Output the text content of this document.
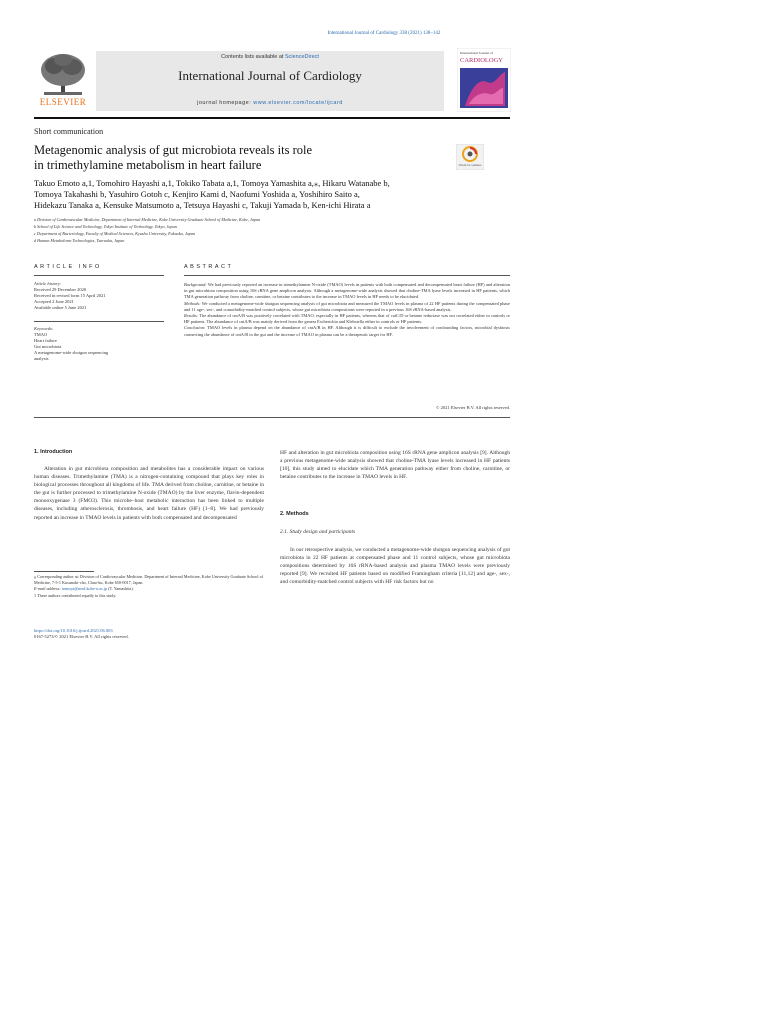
International Journal of Cardiology 338 (2021) 138–142
ELSEVIER
Contents lists available at ScienceDirect
International Journal of Cardiology
journal homepage: www.elsevier.com/locate/ijcard
International Journal of
CARDIOLOGY
Short communication
Metagenomic analysis of gut microbiota reveals its role
in trimethylamine metabolism in heart failure	Check for updates
Takuo Emoto a,1, Tomohiro Hayashi a,1, Tokiko Tabata a,1, Tomoya Yamashita a,⁎, Hikaru Watanabe b,
Tomoya Takahashi b, Yasuhiro Gotoh c, Kenjiro Kami d, Naofumi Yoshida a, Yoshihiro Saito a,
Hidekazu Tanaka a, Kensuke Matsumoto a, Tetsuya Hayashi c, Takuji Yamada b, Ken-ichi Hirata a
a Division of Cardiovascular Medicine, Department of Internal Medicine, Kobe University Graduate School of Medicine, Kobe, Japan
b School of Life Science and Technology, Tokyo Institute of Technology, Tokyo, Japan
c Department of Bacteriology, Faculty of Medical Sciences, Kyushu University, Fukuoka, Japan
d Human Metabolome Technologies, Tsuruoka, Japan
ARTICLE INFO	ABSTRACT
Article history:
Received 29 December 2020
Received in revised form 15 April 2021
Accepted 2 June 2021
Available online 5 June 2021
Keywords:
TMAO
Heart failure
Gut microbiota
A metagenome-wide shotgun sequencing
analysis

Background: We had previously reported an increase in trimethylamine N-oxide (TMAO) levels in patients with both compensated and decompensated heart failure (HF) and alteration in gut microbiota composition using 16S rRNA gene amplicon analysis. Although a metagenome-wide analysis showed that choline-TMA lyase levels increased in HF patients, which TMA generation pathway from choline, carnitine, or betaine contributes to the increase in TMAO levels in HF needs to be elucidated.

Methods: We conducted a metagenome-wide shotgun sequencing analysis of gut microbiota and measured the TMAO levels in plasma of 22 HF patients during the compensated phase and 11 age-, sex-, and comorbidity-matched control subjects, whose gut microbiota compositions were reported in a previous 16S rRNA-based analysis.

Results: The abundance of cntA/B was positively correlated with TMAO, especially in HF patients, whereas that of cutC/D or betaine reductase was not correlated either in controls or HF patients. The abundance of cntA/B was mainly derived from the genera Escherichia and Klebsiella either in controls or HF patients.

Conclusion: TMAO levels in plasma depend on the abundance of cntA/B in HF. Although it is difficult to exclude the involvement of confounding factors, microbial dysbiosis connecting the abundance of cntA/B in the gut and the increase of TMAO in plasma can be a therapeutic target for HF.

© 2021 Elsevier B.V. All rights reserved.
1. Introduction

Alteration in gut microbiota composition and metabolites has a considerable impact on various human diseases. Trimethylamine (TMA) is a nitrogen-containing compound that plays key roles in biological processes throughout all kingdoms of life. TMA derived from choline, carnitine, or betaine in the gut is further processed to trimethylamine N-oxide (TMAO) by the liver enzyme, flavin-dependent monooxygenase 3 (FMO3). This microbe–host metabolic interaction has been linked to multiple diseases, including atherosclerosis, thrombosis, and heart failure (HF) [1–8]. We had previously reported an increase in TMAO levels in patients with both compensated and decompensated

HF and alteration in gut microbiota composition using 16S rRNA gene amplicon analysis [9]. Although a previous metagenome-wide analysis showed that choline-TMA lyase levels increased in HF patients [10], this study aimed to elucidate which TMA generation pathway either from choline, carnitine, or betaine contributes to the increase in TMAO levels in HF.

2. Methods
2.1. Study design and participants

In our retrospective analysis, we conducted a metagenome-wide shotgun sequencing analysis of gut microbiota in 22 HF patients at compensated phase and 11 control subjects, whose gut microbiota compositions determined by 16S rRNA-based analysis and plasma TMAO levels were previously reported [9]. We recruited HF patients based on modified Framingham criteria [11,12] and age-, sex-, and comorbidity-matched control subjects with HF risk factors but no

⁎ Corresponding author at: Division of Cardiovascular Medicine, Department of Internal Medicine, Kobe University Graduate School of Medicine, 7-5-1 Kusunoki-cho, Chuo-ku, Kobe 650-0017, Japan.
E-mail address: tomoya@med.kobe-u.ac.jp (T. Yamashita).
1 These authors contributed equally to this study.
https://doi.org/10.1016/j.ijcard.2021.06.003
0167-5273/© 2021 Elsevier B.V. All rights reserved.
